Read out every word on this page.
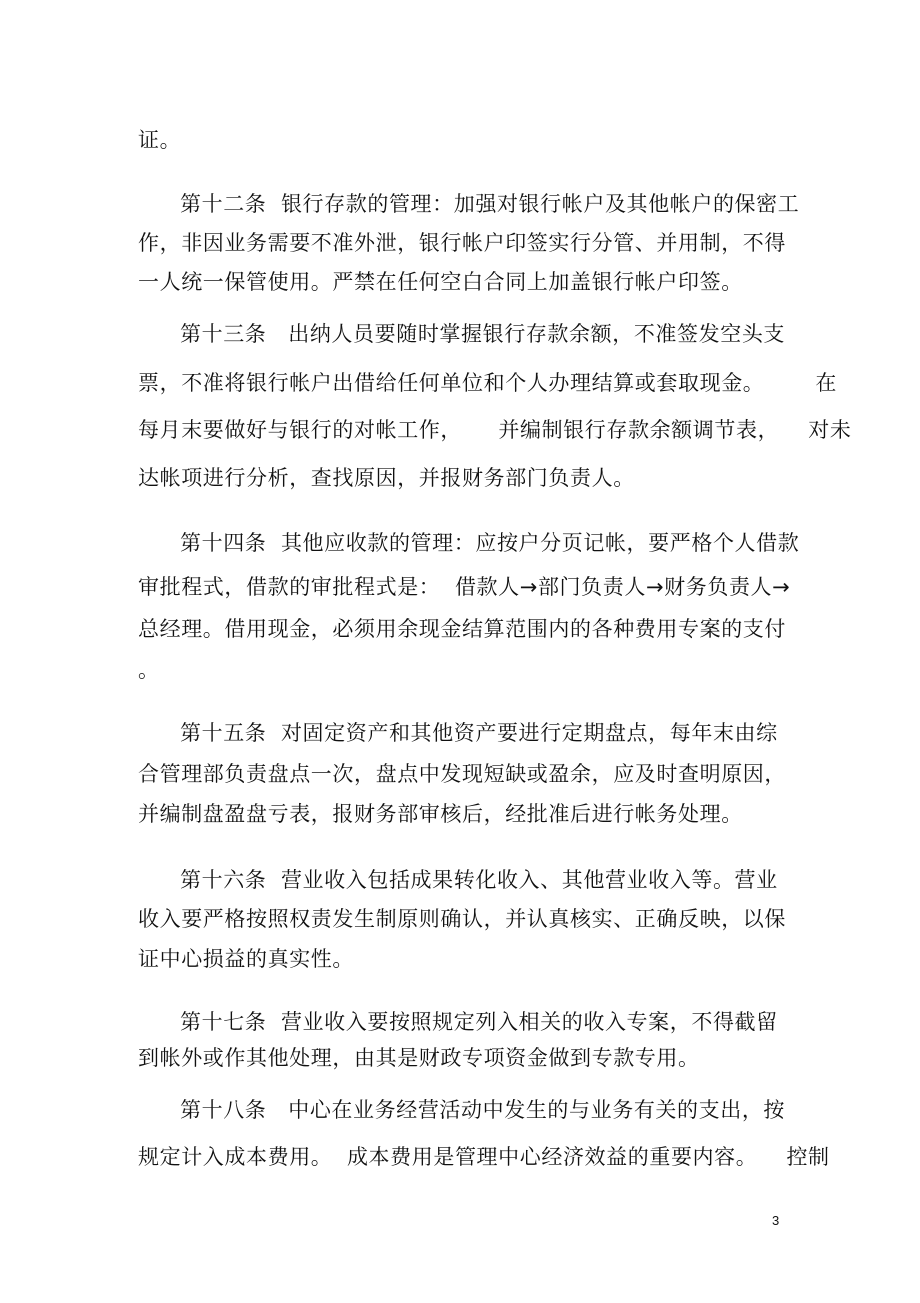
证。
第十二条  银行存款的管理：加强对银行帐户及其他帐户的保密工
作，非因业务需要不准外泄，银行帐户印签实行分管、并用制，不得
一人统一保管使用。严禁在任何空白合同上加盖银行帐户印签。
第十三条   出纳人员要随时掌握银行存款余额，不准签发空头支
票，不准将银行帐户出借给任何单位和个人办理结算或套取现金。       在
每月末要做好与银行的对帐工作，     并编制银行存款余额调节表，    对未
达帐项进行分析，查找原因，并报财务部门负责人。
第十四条  其他应收款的管理：应按户分页记帐，要严格个人借款
审批程式，借款的审批程式是：  借款人→部门负责人→财务负责人→
总经理。借用现金，必须用余现金结算范围内的各种费用专案的支付
。
第十五条  对固定资产和其他资产要进行定期盘点，每年末由综
合管理部负责盘点一次，盘点中发现短缺或盈余，应及时查明原因，
并编制盘盈盘亏表，报财务部审核后，经批准后进行帐务处理。
第十六条  营业收入包括成果转化收入、其他营业收入等。营业
收入要严格按照权责发生制原则确认，并认真核实、正确反映，以保
证中心损益的真实性。
第十七条  营业收入要按照规定列入相关的收入专案，不得截留
到帐外或作其他处理，由其是财政专项资金做到专款专用。
第十八条   中心在业务经营活动中发生的与业务有关的支出，按
规定计入成本费用。  成本费用是管理中心经济效益的重要内容。    控制
3
